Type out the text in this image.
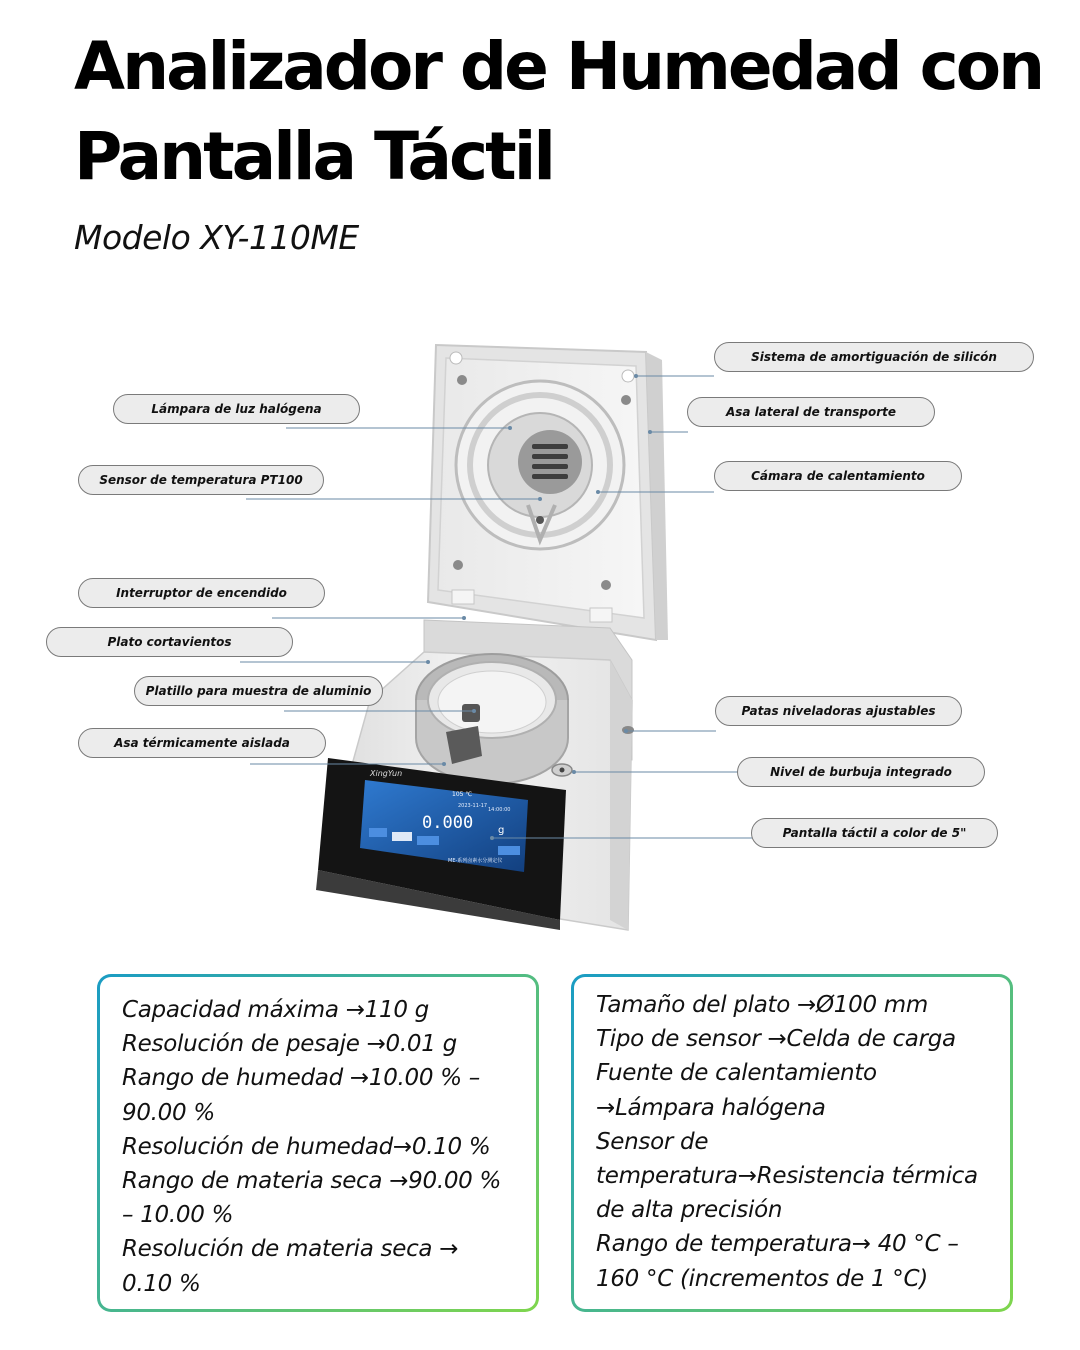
Analizador de Humedad con
Pantalla Táctil
Modelo XY-110ME
XingYun
105 ℃
2023-11-17
14:00:00
0.000 g
ME-系列卤素水分测定仪
Sistema de amortiguación de silicón
Lámpara de luz halógena	Asa lateral de transporte
Sensor de temperatura PT100	Cámara de calentamiento
Interruptor de encendido
Plato cortavientos
Platillo para muestra de aluminio
Patas niveladoras ajustables
Asa térmicamente aislada
Nivel de burbuja integrado
Pantalla táctil a color de 5"
Capacidad máxima →110 g
Resolución de pesaje →0.01 g
Rango de humedad →10.00 % –
90.00 %
Resolución de humedad→0.10 %
Rango de materia seca →90.00 %
– 10.00 %
Resolución de materia seca →
0.10 %
Tamaño del plato →Ø100 mm
Tipo de sensor →Celda de carga
Fuente de calentamiento
→Lámpara halógena
Sensor de
temperatura→Resistencia térmica
de alta precisión
Rango de temperatura→ 40 °C –
160 °C (incrementos de 1 °C)
